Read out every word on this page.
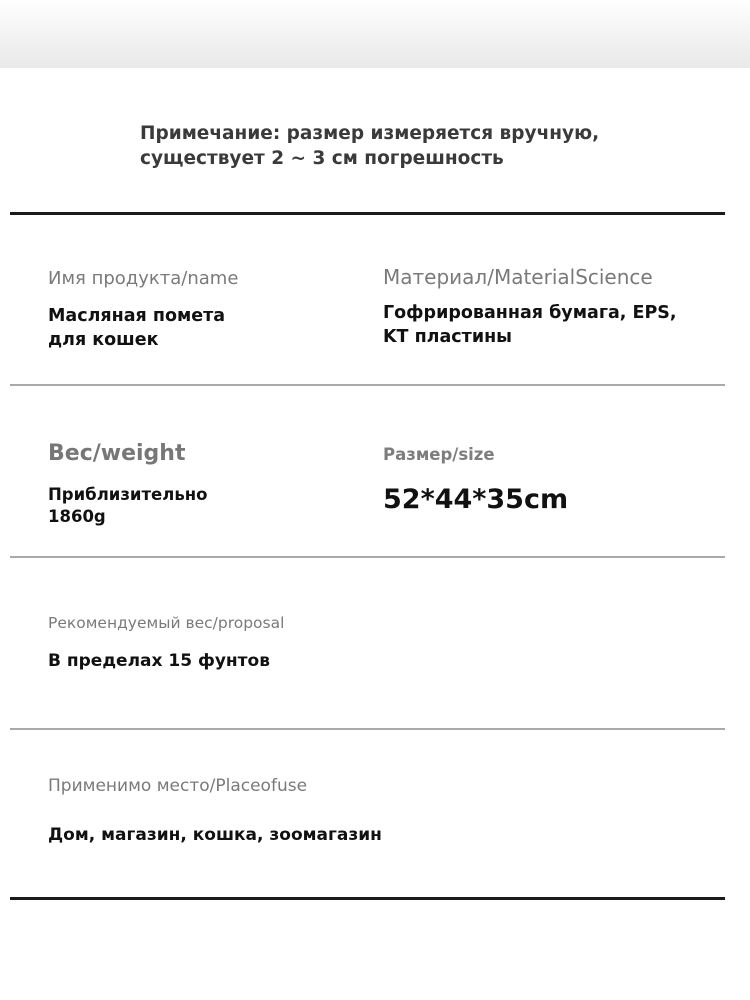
Примечание: размер измеряется вручную,
существует 2 ~ 3 см погрешность
Имя продукта/name
Масляная помета
для кошек
Материал/MaterialScience
Гофрированная бумага, EPS,
KT пластины
Вес/weight
Приблизительно
1860g
Размер/size
52*44*35cm
Рекомендуемый вес/proposal
В пределах 15 фунтов
Применимо место/Placeofuse
Дом, магазин, кошка, зоомагазин
